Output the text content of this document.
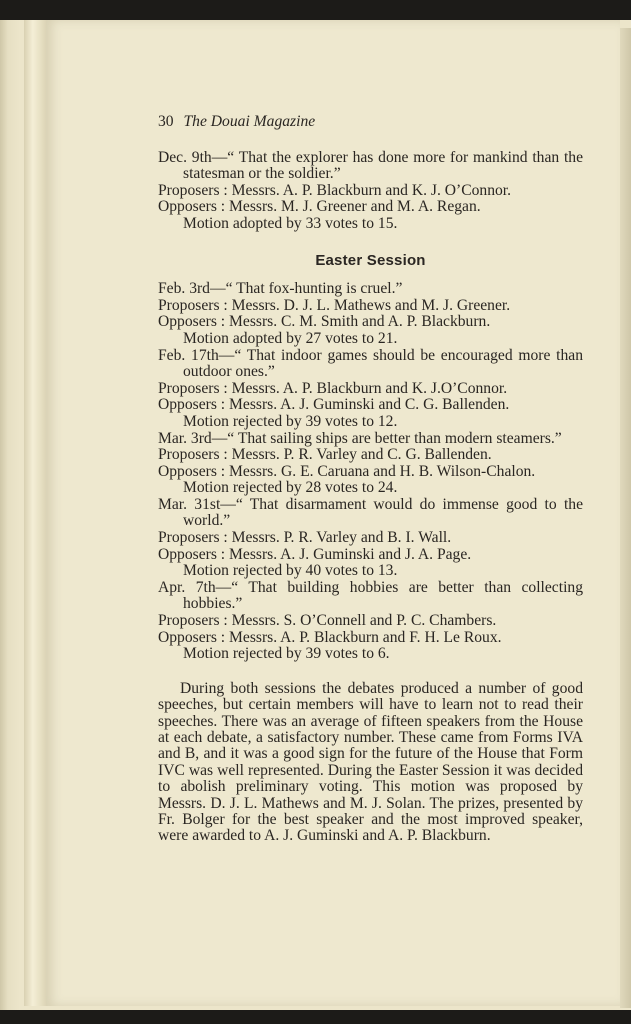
30 The Douai Magazine
Dec. 9th—“ That the explorer has done more for mankind than the statesman or the soldier.”
Proposers : Messrs. A. P. Blackburn and K. J. O’Connor.
Opposers : Messrs. M. J. Greener and M. A. Regan.
Motion adopted by 33 votes to 15.
Easter Session
Feb. 3rd—“ That fox-hunting is cruel.”
Proposers : Messrs. D. J. L. Mathews and M. J. Greener.
Opposers : Messrs. C. M. Smith and A. P. Blackburn.
Motion adopted by 27 votes to 21.
Feb. 17th—“ That indoor games should be encouraged more than outdoor ones.”
Proposers : Messrs. A. P. Blackburn and K. J.O’Connor.
Opposers : Messrs. A. J. Guminski and C. G. Ballenden.
Motion rejected by 39 votes to 12.
Mar. 3rd—“ That sailing ships are better than modern steamers.”
Proposers : Messrs. P. R. Varley and C. G. Ballenden.
Opposers : Messrs. G. E. Caruana and H. B. Wilson-Chalon.
Motion rejected by 28 votes to 24.
Mar. 31st—“ That disarmament would do immense good to the world.”
Proposers : Messrs. P. R. Varley and B. I. Wall.
Opposers : Messrs. A. J. Guminski and J. A. Page.
Motion rejected by 40 votes to 13.
Apr. 7th—“ That building hobbies are better than collecting hobbies.”
Proposers : Messrs. S. O’Connell and P. C. Chambers.
Opposers : Messrs. A. P. Blackburn and F. H. Le Roux.
Motion rejected by 39 votes to 6.

During both sessions the debates produced a number of good speeches, but certain members will have to learn not to read their speeches. There was an average of fifteen speakers from the House at each debate, a satisfactory number. These came from Forms IVA and B, and it was a good sign for the future of the House that Form IVC was well represented. During the Easter Session it was decided to abolish preliminary voting. This motion was proposed by Messrs. D. J. L. Mathews and M. J. Solan. The prizes, presented by Fr. Bolger for the best speaker and the most improved speaker, were awarded to A. J. Guminski and A. P. Blackburn.
